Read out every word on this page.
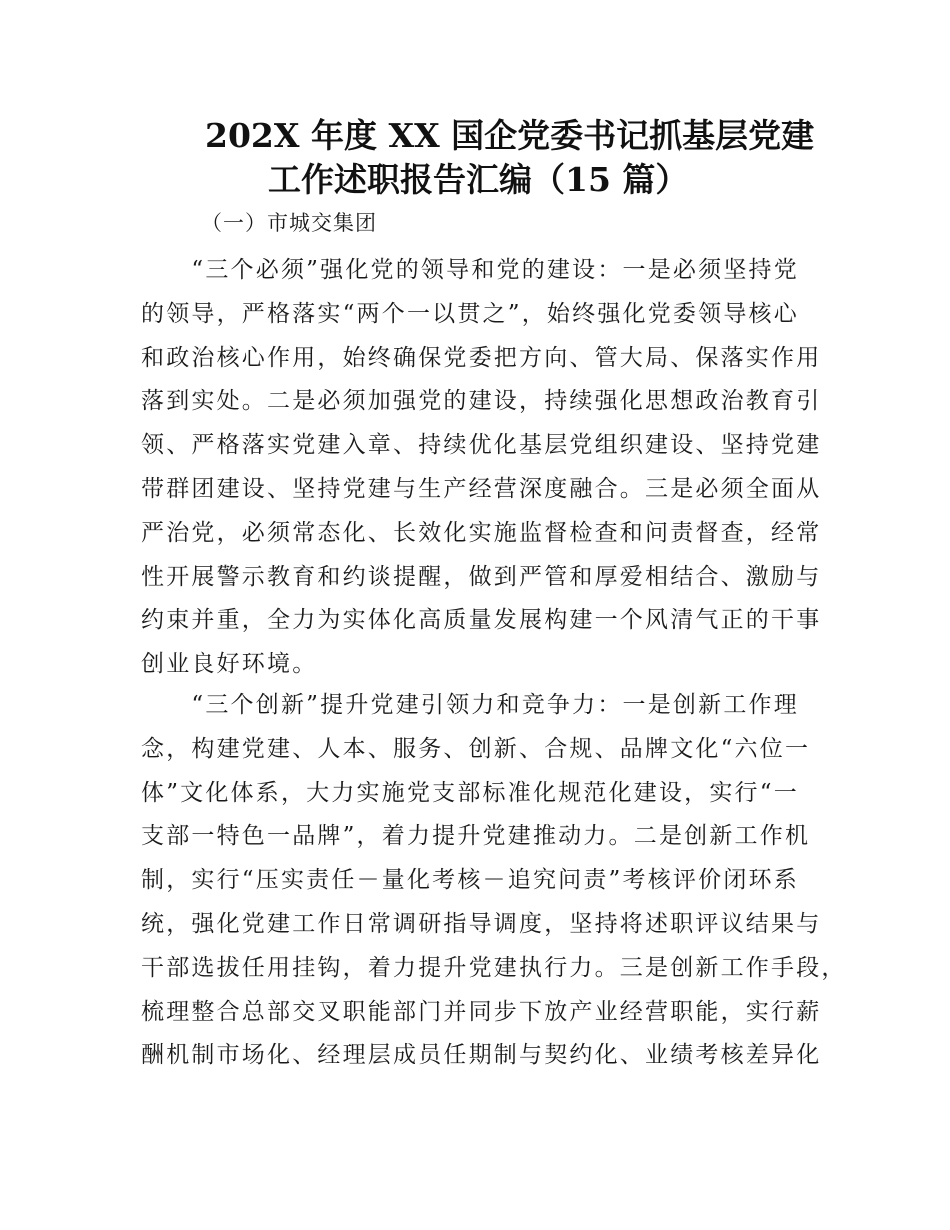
202X 年度 XX 国企党委书记抓基层党建
工作述职报告汇编（15 篇）
（一）市城交集团

　　“三个必须”强化党的领导和党的建设：一是必须坚持党
的领导，严格落实“两个一以贯之”，始终强化党委领导核心
和政治核心作用，始终确保党委把方向、管大局、保落实作用
落到实处。二是必须加强党的建设，持续强化思想政治教育引
领、严格落实党建入章、持续优化基层党组织建设、坚持党建
带群团建设、坚持党建与生产经营深度融合。三是必须全面从
严治党，必须常态化、长效化实施监督检查和问责督查，经常
性开展警示教育和约谈提醒，做到严管和厚爱相结合、激励与
约束并重，全力为实体化高质量发展构建一个风清气正的干事
创业良好环境。

　　“三个创新”提升党建引领力和竞争力：一是创新工作理
念，构建党建、人本、服务、创新、合规、品牌文化“六位一
体”文化体系，大力实施党支部标准化规范化建设，实行“一
支部一特色一品牌”，着力提升党建推动力。二是创新工作机
制，实行“压实责任－量化考核－追究问责”考核评价闭环系
统，强化党建工作日常调研指导调度，坚持将述职评议结果与
干部选拔任用挂钩，着力提升党建执行力。三是创新工作手段，
梳理整合总部交叉职能部门并同步下放产业经营职能，实行薪
酬机制市场化、经理层成员任期制与契约化、业绩考核差异化
